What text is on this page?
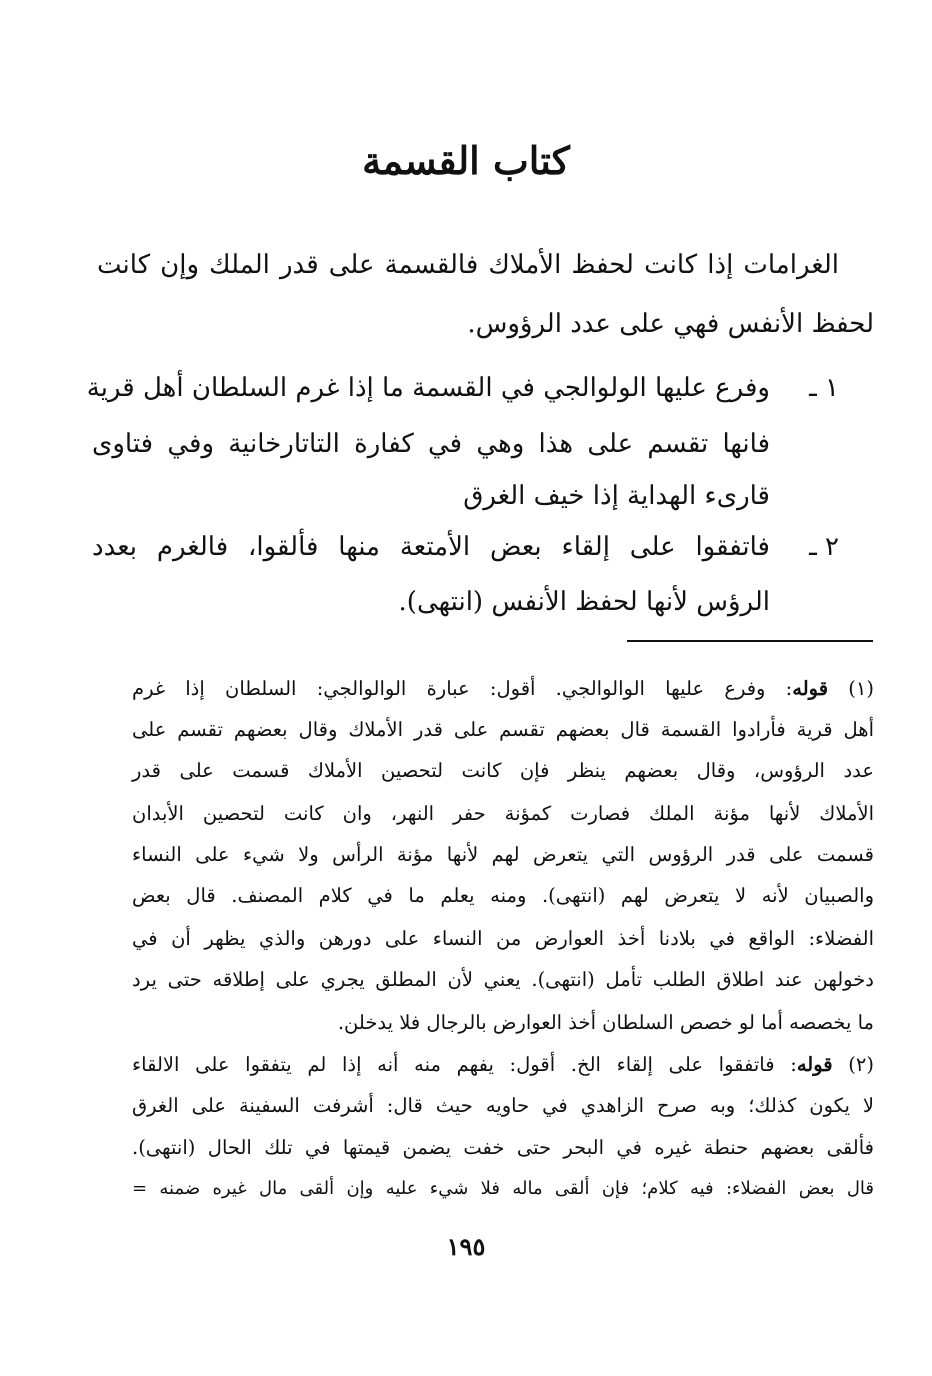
كتاب القسمة
الغرامات إذا كانت لحفظ الأملاك فالقسمة على قدر الملك وإن كانت
لحفظ الأنفس فهي على عدد الرؤوس.
١ ـ
وفرع عليها الولوالجي في القسمة ما إذا غرم السلطان أهل قرية
فانها تقسم على هذا وهي في كفارة التاتارخانية وفي فتاوى
قارىء الهداية إذا خيف الغرق
٢ ـ
فاتفقوا على إلقاء بعض الأمتعة منها فألقوا، فالغرم بعدد
الرؤس لأنها لحفظ الأنفس (انتهى).
(١) قوله: وفرع عليها الوالوالجي. أقول: عبارة الوالوالجي: السلطان إذا غرم
أهل قرية فأرادوا القسمة قال بعضهم تقسم على قدر الأملاك وقال بعضهم تقسم على
عدد الرؤوس، وقال بعضهم ينظر فإن كانت لتحصين الأملاك قسمت على قدر
الأملاك لأنها مؤنة الملك فصارت كمؤنة حفر النهر، وان كانت لتحصين الأبدان
قسمت على قدر الرؤوس التي يتعرض لهم لأنها مؤنة الرأس ولا شيء على النساء
والصبيان لأنه لا يتعرض لهم (انتهى). ومنه يعلم ما في كلام المصنف. قال بعض
الفضلاء: الواقع في بلادنا أخذ العوارض من النساء على دورهن والذي يظهر أن في
دخولهن عند اطلاق الطلب تأمل (انتهى). يعني لأن المطلق يجري على إطلاقه حتى يرد
ما يخصصه أما لو خصص السلطان أخذ العوارض بالرجال فلا يدخلن.
(٢) قوله: فاتفقوا على إلقاء الخ. أقول: يفهم منه أنه إذا لم يتفقوا على الالقاء
لا يكون كذلك؛ وبه صرح الزاهدي في حاويه حيث قال: أشرفت السفينة على الغرق
فألقى بعضهم حنطة غيره في البحر حتى خفت يضمن قيمتها في تلك الحال (انتهى).
قال بعض الفضلاء: فيه كلام؛ فإن ألقى ماله فلا شيء عليه وإن ألقى مال غيره ضمنه =
١٩٥
